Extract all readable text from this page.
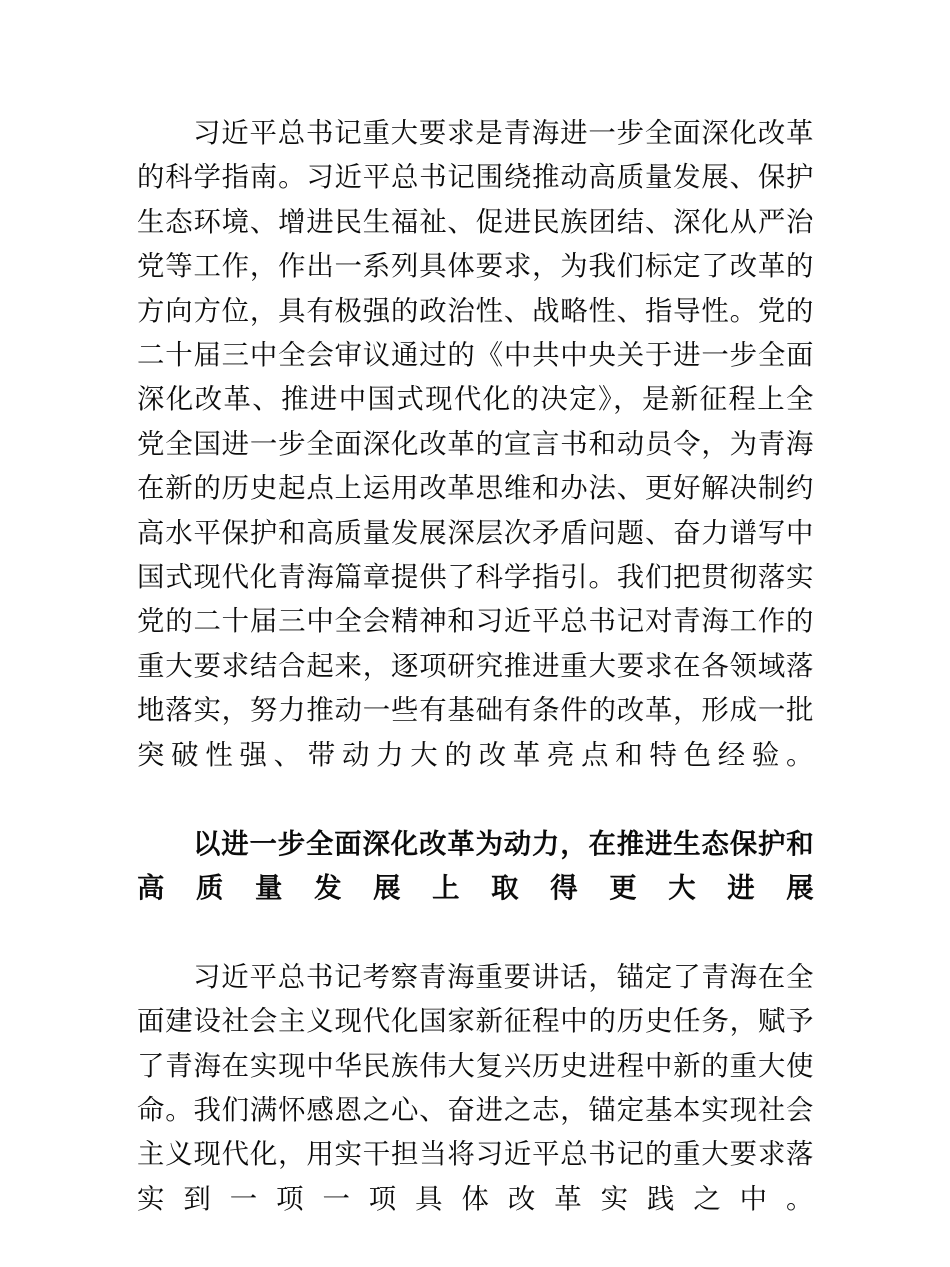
习近平总书记重大要求是青海进一步全面深化改革的科学指南。习近平总书记围绕推动高质量发展、保护生态环境、增进民生福祉、促进民族团结、深化从严治党等工作，作出一系列具体要求，为我们标定了改革的方向方位，具有极强的政治性、战略性、指导性。党的二十届三中全会审议通过的《中共中央关于进一步全面深化改革、推进中国式现代化的决定》，是新征程上全党全国进一步全面深化改革的宣言书和动员令，为青海在新的历史起点上运用改革思维和办法、更好解决制约高水平保护和高质量发展深层次矛盾问题、奋力谱写中国式现代化青海篇章提供了科学指引。我们把贯彻落实党的二十届三中全会精神和习近平总书记对青海工作的重大要求结合起来，逐项研究推进重大要求在各领域落地落实，努力推动一些有基础有条件的改革，形成一批突破性强、带动力大的改革亮点和特色经验。

以进一步全面深化改革为动力，在推进生态保护和高质量发展上取得更大进展

习近平总书记考察青海重要讲话，锚定了青海在全面建设社会主义现代化国家新征程中的历史任务，赋予了青海在实现中华民族伟大复兴历史进程中新的重大使命。我们满怀感恩之心、奋进之志，锚定基本实现社会主义现代化，用实干担当将习近平总书记的重大要求落实到一项一项具体改革实践之中。
